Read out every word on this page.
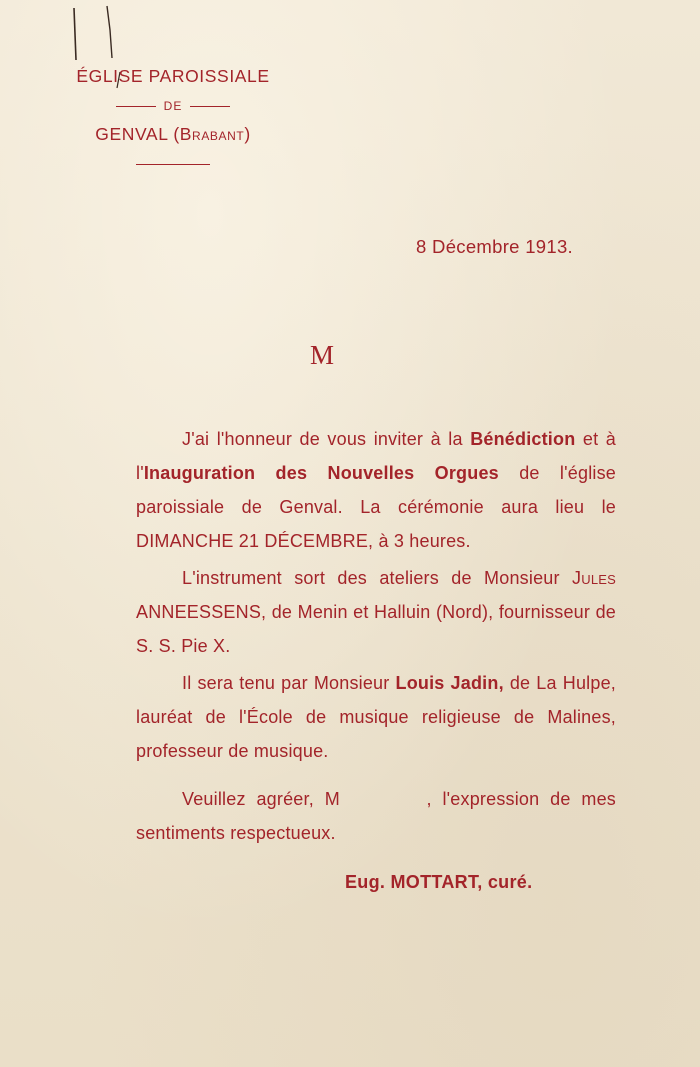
ÉGLISE PAROISSIALE
DE
GENVAL (Brabant)
8 Décembre 1913.
M

J'ai l'honneur de vous inviter à la Bénédiction et à l'Inauguration des Nouvelles Orgues de l'église paroissiale de Genval. La cérémonie aura lieu le DIMANCHE 21 DÉCEMBRE, à 3 heures.

L'instrument sort des ateliers de Monsieur Jules ANNEESSENS, de Menin et Halluin (Nord), fournisseur de S. S. Pie X.

Il sera tenu par Monsieur Louis Jadin, de La Hulpe, lauréat de l'École de musique religieuse de Malines, professeur de musique.

Veuillez agréer, M        , l'expression de mes sentiments respectueux.

Eug. MOTTART, curé.
